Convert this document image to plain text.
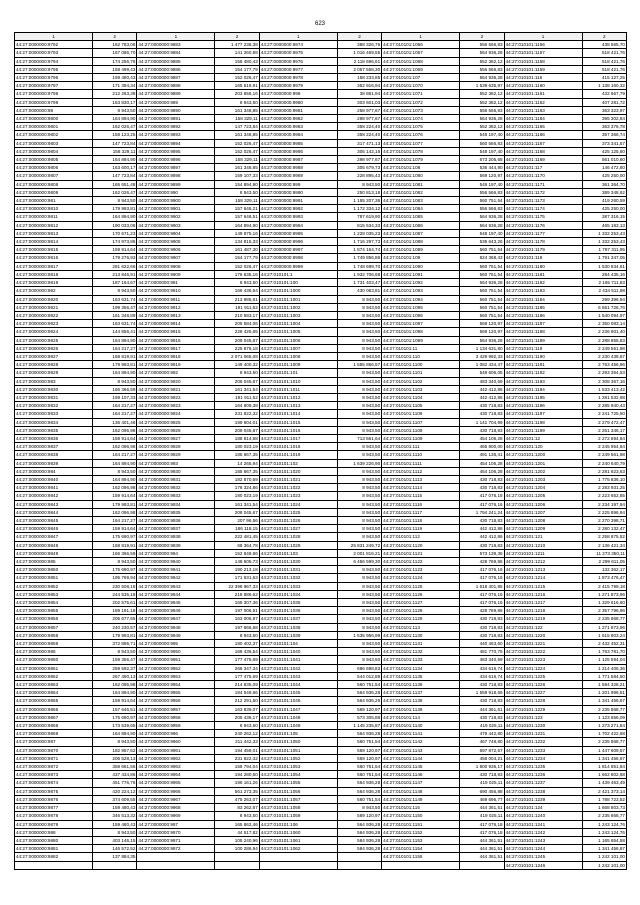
623
1	2	1	2	1	2	1	2	1	2
44:27:0000000:9792	162 783,06	44:27:0000000:9883	1 477 238,38	44:27:0000000:9974	388 326,76	44:27:010101:1066	556 566,83	44:27:010101:1156	438 565,70
44:27:0000000:9793	167 086,70	44:27:0000000:9884	141 260,98	44:27:0000000:9975	1 016 469,55	44:27:010101:1067	564 936,28	44:27:010101:1157	518 421,76
44:27:0000000:9794	174 256,76	44:27:0000000:9885	158 480,43	44:27:0000000:9976	2 118 696,61	44:27:010101:1068	552 382,12	44:27:010101:1158	518 421,76
44:27:0000000:9795	158 499,43	44:27:0000000:9886	154 177,79	44:27:0000000:9977	2 057 558,30	44:27:010101:1069	556 566,83	44:27:010101:1159	518 421,76
44:27:0000000:9796	159 480,43	44:27:0000000:9887	152 026,47	44:27:0000000:9978	158 233,85	44:27:010101:107	564 936,28	44:27:010101:116	415 127,25
44:27:0000000:9797	171 394,34	44:27:0000000:9888	165 519,91	44:27:0000000:9979	352 916,94	44:27:010101:1070	1 539 635,97	44:27:010101:1160	1 138 160,32
44:27:0000000:9798	212 263,38	44:27:0000000:9889	203 656,16	44:27:0000000:998	38 861,94	44:27:010101:1071	552 382,12	44:27:010101:1161	432 667,79
44:27:0000000:9799	163 830,17	44:27:0000000:989	8 943,50	44:27:0000000:9980	303 601,03	44:27:010101:1072	552 382,12	44:27:010101:1162	407 281,72
44:27:0000000:98	8 943,50	44:27:0000000:9890	161 348,85	44:27:0000000:9981	258 977,67	44:27:010101:1073	556 566,83	44:27:010101:1163	363 323,97
44:27:0000000:9800	164 894,90	44:27:0000000:9891	158 329,11	44:27:0000000:9982	298 977,67	44:27:010101:1074	564 936,28	44:27:010101:1164	395 302,84
44:27:0000000:9801	162 026,47	44:27:0000000:9892	147 723,84	44:27:0000000:9983	358 224,40	44:27:010101:1075	552 382,12	44:27:010101:1165	363 376,78
44:27:0000000:9802	158 123,25	44:27:0000000:9893	161 348,85	44:27:0000000:9984	358 224,40	44:27:010101:1076	548 197,40	44:27:010101:1166	357 366,74
44:27:0000000:9803	147 723,84	44:27:0000000:9894	152 026,47	44:27:0000000:9985	317 471,13	44:27:010101:1077	560 566,83	44:27:010101:1167	373 341,57
44:27:0000000:9804	158 329,11	44:27:0000000:9895	152 026,47	44:27:0000000:9986	305 142,16	44:27:010101:1078	548 197,40	44:27:010101:1168	425 125,60
44:27:0000000:9805	164 894,90	44:27:0000000:9896	158 329,11	44:27:0000000:9987	298 977,67	44:27:010101:1079	673 205,68	44:27:010101:1169	561 010,60
44:27:0000000:9806	163 600,17	44:27:0000000:9897	161 348,85	44:27:0000000:9988	305 679,73	44:27:010101:108	536 444,90	44:27:010101:117	146 472,80
44:27:0000000:9807	147 723,84	44:27:0000000:9898	159 107,33	44:27:0000000:9989	228 895,43	44:27:010101:1080	569 120,97	44:27:010101:1170	425 250,00
44:27:0000000:9808	165 651,48	44:27:0000000:9899	154 894,90	44:27:0000000:999	8 943,50	44:27:010101:1081	548 197,40	44:27:010101:1171	361 364,70
44:27:0000000:9809	162 026,47	44:27:0000000:990	8 943,50	44:27:0000000:9990	250 813,18	44:27:010101:1082	556 566,83	44:27:010101:1172	389 348,62
44:27:0000000:981	8 943,50	44:27:0000000:9900	158 329,11	44:27:0000000:9991	1 155 207,36	44:27:010101:1083	560 751,54	44:27:010101:1173	419 260,59
44:27:0000000:9810	179 993,81	44:27:0000000:9901	157 646,21	44:27:0000000:9992	1 172 334,12	44:27:010101:1084	556 566,83	44:27:010101:1174	425 250,00
44:27:0000000:9811	164 894,90	44:27:0000000:9902	157 646,51	44:27:0000000:9993	787 619,90	44:27:010101:1085	564 936,28	44:27:010101:1175	387 316,15
44:27:0000000:9812	190 033,06	44:27:0000000:9903	164 894,90	44:27:0000000:9994	815 534,33	44:27:010101:1086	564 936,28	44:27:010101:1176	465 183,13
44:27:0000000:9813	170 671,23	44:27:0000000:9904	149 875,16	44:27:0000000:9995	1 228 035,23	44:27:010101:1087	548 197,40	44:27:010101:1177	1 332 253,43
44:27:0000000:9814	174 973,86	44:27:0000000:9905	134 815,33	44:27:0000000:9996	1 716 297,73	44:27:010101:1088	535 643,26	44:27:010101:1178	1 332 253,43
44:27:0000000:9815	159 914,64	44:27:0000000:9906	161 487,30	44:27:0000000:9997	1 874 164,74	44:27:010101:1089	560 751,54	44:27:010101:1179	1 787 311,95
44:27:0000000:9816	179 276,93	44:27:0000000:9907	154 177,79	44:27:0000000:9998	1 749 856,86	44:27:010101:109	824 368,43	44:27:010101:118	1 791 347,05
44:27:0000000:9817	281 622,66	44:27:0000000:9908	152 026,47	44:27:0000000:9999	1 748 699,70	44:27:010101:1090	560 751,54	44:27:010101:1180	1 530 834,61
44:27:0000000:9818	213 846,91	44:27:0000000:9909	176 635,16	44:27:010101:1	1 932 706,68	44:27:010101:1091	560 751,54	44:27:010101:1181	284 435,16
44:27:0000000:9819	187 164,67	44:27:0000000:991	8 943,50	44:27:010101:100	1 731 403,47	44:27:010101:1092	564 936,28	44:27:010101:1182	2 165 711,83
44:27:0000000:982	8 943,50	44:27:0000000:9910	166 436,54	44:27:010101:1000	430 063,81	44:27:010101:1093	560 751,54	44:27:010101:1183	2 434 511,98
44:27:0000000:9820	163 631,74	44:27:0000000:9911	213 985,61	44:27:010101:1001	8 943,50	44:27:010101:1094	560 751,54	44:27:010101:1184	299 396,94
44:27:0000000:9821	199 356,47	44:27:0000000:9912	191 911,52	44:27:010101:1002	8 943,50	44:27:010101:1095	560 751,54	44:27:010101:1185	6 561 726,76
44:27:0000000:9822	161 348,89	44:27:0000000:9913	210 583,17	44:27:010101:1003	8 943,50	44:27:010101:1096	560 751,54	44:27:010101:1186	1 540 094,97
44:27:0000000:9823	163 631,74	44:27:0000000:9914	205 584,06	44:27:010101:1004	8 943,50	44:27:010101:1097	569 120,97	44:27:010101:1187	2 350 083,14
44:27:0000000:9824	144 856,41	44:27:0000000:9915	228 425,65	44:27:010101:1005	8 943,50	44:27:010101:1098	569 120,97	44:27:010101:1188	2 236 601,40
44:27:0000000:9825	164 894,90	44:27:0000000:9916	209 045,67	44:27:010101:1006	8 943,50	44:27:010101:1099	564 936,28	44:27:010101:1189	2 288 855,83
44:27:0000000:9826	164 217,27	44:27:0000000:9917	225 876,18	44:27:010101:1007	8 943,50	44:27:010101:11	1 134 631,80	44:27:010101:119	2 249 561,98
44:27:0000000:9827	168 819,91	44:27:0000000:9918	2 071 065,08	44:27:010101:1008	8 943,50	44:27:010101:110	3 429 992,33	44:27:010101:1190	2 230 438,67
44:27:0000000:9828	179 993,81	44:27:0000000:9919	149 400,32	44:27:010101:1009	1 555 866,57	44:27:010101:1100	1 082 434,47	44:27:010101:1191	2 763 456,96
44:27:0000000:9829	164 894,90	44:27:0000000:992	8 943,50	44:27:010101:101	8 943,50	44:27:010101:1101	549 606,05	44:27:010101:1192	2 293 364,53
44:27:0000000:983	8 943,50	44:27:0000000:9920	206 045,67	44:27:010101:1010	8 943,50	44:27:010101:1102	483 340,59	44:27:010101:1193	2 308 367,16
44:27:0000000:9830	166 366,59	44:27:0000000:9921	161 341,54	44:27:010101:1011	8 943,50	44:27:010101:1103	442 412,86	44:27:010101:1194	1 533 413,42
44:27:0000000:9831	159 107,33	44:27:0000000:9922	191 911,52	44:27:010101:1012	8 943,50	44:27:010101:1104	442 412,86	44:27:010101:1195	1 281 532,98
44:27:0000000:9832	164 217,27	44:27:0000000:9923	164 609,38	44:27:010101:1013	8 943,50	44:27:010101:1105	430 718,83	44:27:010101:1196	2 285 940,43
44:27:0000000:9833	164 217,27	44:27:0000000:9924	231 822,32	44:27:010101:1014	8 943,50	44:27:010101:1106	430 718,83	44:27:010101:1197	2 241 725,50
44:27:0000000:9834	136 401,46	44:27:0000000:9925	199 604,01	44:27:010101:1015	8 943,50	44:27:010101:1107	1 141 704,99	44:27:010101:1198	2 279 472,47
44:27:0000000:9835	162 095,98	44:27:0000000:9926	209 045,67	44:27:010101:1016	8 943,50	44:27:010101:1108	430 718,83	44:27:010101:1199	2 261 346,17
44:27:0000000:9836	159 914,64	44:27:0000000:9927	188 814,88	44:27:010101:1017	713 561,64	44:27:010101:1109	454 106,28	44:27:010101:12	2 272 694,84
44:27:0000000:9837	162 096,98	44:27:0000000:9928	180 023,19	44:27:010101:1018	8 943,50	44:27:010101:111	465 800,00	44:27:010101:120	2 245 954,84
44:27:0000000:9838	164 217,27	44:27:0000000:9929	185 667,35	44:27:010101:1019	8 943,50	44:27:010101:1110	491 136,41	44:27:010101:1200	2 249 561,98
44:27:0000000:9839	164 894,90	44:27:0000000:993	14 265,94	44:27:010101:102	1 639 226,90	44:27:010101:1111	454 106,28	44:27:010101:1201	2 240 640,79
44:27:0000000:984	8 943,50	44:27:0000000:9930	185 667,35	44:27:010101:1020	8 943,50	44:27:010101:1112	454 106,28	44:27:010101:1202	2 281 623,63
44:27:0000000:9840	164 894,90	44:27:0000000:9931	182 870,69	44:27:010101:1021	8 943,50	44:27:010101:1113	430 718,83	44:27:010101:1203	1 775 836,10
44:27:0000000:9841	162 096,98	44:27:0000000:9932	178 324,86	44:27:010101:1022	8 943,50	44:27:010101:1114	430 718,83	44:27:010101:1204	2 283 931,25
44:27:0000000:9842	159 914,64	44:27:0000000:9933	180 023,19	44:27:010101:1023	8 943,50	44:27:010101:1115	417 076,18	44:27:010101:1205	2 223 652,85
44:27:0000000:9843	179 993,81	44:27:0000000:9934	161 341,54	44:27:010101:1024	8 943,50	44:27:010101:1116	417 076,16	44:27:010101:1206	2 234 197,94
44:27:0000000:9844	162 096,98	44:27:0000000:9935	208 045,67	44:27:010101:1025	8 943,50	44:27:010101:1117	1 794 241,24	44:27:010101:1207	2 225 896,94
44:27:0000000:9845	164 217,27	44:27:0000000:9936	207 96,56	44:27:010101:1026	8 943,50	44:27:010101:1118	430 718,83	44:27:010101:1208	2 270 398,71
44:27:0000000:9846	159 914,64	44:27:0000000:9937	186 118,15	44:27:010101:1027	8 943,50	44:27:010101:1119	442 412,86	44:27:010101:1209	2 280 132,47
44:27:0000000:9847	175 690,97	44:27:0000000:9938	222 481,45	44:27:010101:1028	8 943,50	44:27:010101:112	442 412,86	44:27:010101:121	2 258 875,52
44:27:0000000:9848	168 819,91	44:27:0000000:9939	68 364,78	44:27:010101:1029	25 831 249,72	44:27:010101:1120	430 718,83	44:27:010101:1210	2 136 421,34
44:27:0000000:9849	166 366,59	44:27:0000000:994	152 849,86	44:27:010101:103	2 001 816,21	44:27:010101:1121	573 139,36	44:27:010101:1211	11 273 350,11
44:27:0000000:985	8 943,50	44:27:0000000:9940	148 605,73	44:27:010101:1030	6 456 599,30	44:27:010101:1122	428 769,86	44:27:010101:1212	2 299 611,05
44:27:0000000:9850	175 690,97	44:27:0000000:9941	190 213,18	44:27:010101:1031	8 943,50	44:27:010101:1123	417 076,16	44:27:010101:1213	132 362,17
44:27:0000000:9851	195 769,94	44:27:0000000:9942	171 631,63	44:27:010101:1032	8 943,50	44:27:010101:1124	417 076,16	44:27:010101:1214	1 873 476,47
44:27:0000000:9852	230 508,18	44:27:0000000:9943	22 398 967,33	44:27:010101:1033	8 943,50	44:27:010101:1125	1 618 401,85	44:27:010101:1215	2 415 799,18
44:27:0000000:9853	244 535,18	44:27:0000000:9944	218 886,62	44:27:010101:1034	8 943,50	44:27:010101:1126	417 076,16	44:27:010101:1216	1 271 873,96
44:27:0000000:9854	202 575,61	44:27:0000000:9945	165 307,36	44:27:010101:1035	8 943,50	44:27:010101:1127	417 076,16	44:27:010101:1217	1 329 616,60
44:27:0000000:9855	189 191,18	44:27:0000000:9946	197 006,51	44:27:010101:1036	8 943,50	44:27:010101:1128	428 769,86	44:27:010101:1218	2 357 796,96
44:27:0000000:9856	205 677,65	44:27:0000000:9947	163 006,87	44:27:010101:1037	8 943,50	44:27:010101:1129	430 718,83	44:27:010101:1219	2 235 868,77
44:27:0000000:9857	240 230,57	44:27:0000000:9948	197 666,68	44:27:010101:1038	8 943,50	44:27:010101:113	430 718,83	44:27:010101:122	1 271 873,96
44:27:0000000:9858	179 993,81	44:27:0000000:9949	8 943,50	44:27:010101:1039	1 535 956,99	44:27:010101:1130	430 718,83	44:27:010101:1220	1 615 803,24
44:27:0000000:9859	372 895,71	44:27:0000000:995	180 402,37	44:27:010101:104	8 943,50	44:27:010101:1131	440 463,60	44:27:010101:1221	2 432 452,31
44:27:0000000:986	8 943,50	44:27:0000000:9950	168 436,54	44:27:010101:1040	8 943,50	44:27:010101:1132	481 770,75	44:27:010101:1222	1 763 781,70
44:27:0000000:9860	159 356,47	44:27:0000000:9951	177 475,69	44:27:010101:1041	8 943,50	44:27:010101:1133	483 340,59	44:27:010101:1223	1 125 594,04
44:27:0000000:9861	259 592,37	44:27:0000000:9952	268 347,34	44:27:010101:1042	686 698,83	44:27:010101:1134	434 616,74	44:27:010101:1224	1 214 406,36
44:27:0000000:9862	267 490,13	44:27:0000000:9953	177 475,69	44:27:010101:1043	544 012,89	44:27:010101:1135	434 616,74	44:27:010101:1225	1 771 584,50
44:27:0000000:9863	162 095,98	44:27:0000000:9954	214 835,09	44:27:010101:1044	560 751,54	44:27:010101:1136	430 718,83	44:27:010101:1226	1 594 328,21
44:27:0000000:9864	164 894,90	44:27:0000000:9955	184 549,86	44:27:010101:1045	564 936,28	44:27:010101:1137	1 559 918,69	44:27:010101:1227	1 201 996,51
44:27:0000000:9865	159 914,64	44:27:0000000:9956	212 291,50	44:27:010101:1046	564 936,26	44:27:010101:1138	430 718,83	44:27:010101:1228	1 341 456,67
44:27:0000000:9866	157 646,51	44:27:0000000:9957	163 839,07	44:27:010101:1047	569 120,97	44:27:010101:1139	444 361,51	44:27:010101:1229	2 235 868,77
44:27:0000000:9867	175 690,97	44:27:0000000:9958	205 436,17	44:27:010101:1048	573 305,88	44:27:010101:114	430 718,83	44:27:010101:123	1 123 656,09
44:27:0000000:9868	173 539,65	44:27:0000000:9959	8 943,50	44:27:010101:1049	1 145 235,87	44:27:010101:1140	419 025,11	44:27:010101:1230	1 273 271,84
44:27:0000000:9869	164 894,90	44:27:0000000:996	240 262,12	44:27:010101:105	564 936,28	44:27:010101:1141	479 442,80	44:27:010101:1231	1 702 422,68
44:27:0000000:987	8 943,50	44:27:0000000:9960	211 442,33	44:27:010101:1050	560 751,54	44:27:010101:1142	467 748,80	44:27:010101:1232	2 235 868,77
44:27:0000000:9870	182 957,52	44:27:0000000:9961	194 459,01	44:27:010101:1051	569 120,97	44:27:010101:1143	697 872,67	44:27:010101:1233	1 447 609,57
44:27:0000000:9871	206 528,13	44:27:0000000:9962	231 822,32	44:27:010101:1052	569 120,97	44:27:010101:1144	458 004,21	44:27:010101:1234	1 341 456,67
44:27:0000000:9872	358 661,56	44:27:0000000:9963	158 794,04	44:27:010101:1053	560 751,54	44:27:010101:1145	1 800 936,17	44:27:010101:1235	1 814 851,84
44:27:0000000:9873	437 434,86	44:27:0000000:9964	194 280,50	44:27:010101:1054	560 751,54	44:27:010101:1146	430 718,83	44:27:010101:1236	1 662 802,68
44:27:0000000:9874	451 776,76	44:27:0000000:9965	196 161,26	44:27:010101:1055	564 936,28	44:27:010101:1147	419 025,11	44:27:010101:1237	1 439 463,49
44:27:0000000:9875	420 224,12	44:27:0000000:9966	561 273,35	44:27:010101:1056	564 936,28	44:27:010101:1148	690 456,88	44:27:010101:1238	2 421 373,14
44:27:0000000:9876	374 609,55	44:27:0000000:9967	475 263,07	44:27:010101:1057	560 751,54	44:27:010101:1149	469 696,77	44:27:010101:1239	1 788 723,52
44:27:0000000:9877	159 480,43	44:27:0000000:9968	83 262,67	44:27:010101:1058	8 943,50	44:27:010101:115	444 361,51	44:27:010101:124	1 668 803,73
44:27:0000000:9878	346 513,32	44:27:0000000:9969	8 943,50	44:27:010101:1059	569 120,97	44:27:010101:1150	419 025,11	44:27:010101:1240	2 235 868,77
44:27:0000000:9879	159 480,43	44:27:0000000:997	165 862,46	44:27:010101:106	564 936,28	44:27:010101:1151	417 076,18	44:27:010101:1241	1 243 124,76
44:27:0000000:988	8 943,50	44:27:0000000:9970	44 517,82	44:27:010101:1060	564 936,28	44:27:010101:1152	417 076,18	44:27:010101:1242	1 243 124,76
44:27:0000000:9880	403 146,15	44:27:0000000:9971	105 240,96	44:27:010101:1061	584 936,28	44:27:010101:1153	444 361,51	44:27:010101:1243	1 165 654,58
44:27:0000000:9881	146 572,52	44:27:0000000:9972	100 286,94	44:27:010101:1062	584 936,28	44:27:010101:1154	444 361,51	44:27:010101:1244	1 341 456,67
44:27:0000000:9882	137 884,35					44:27:010101:1155	444 361,51	44:27:010101:1245	1 242 101,00
								44:27:010101:1246	1 242 101,00
